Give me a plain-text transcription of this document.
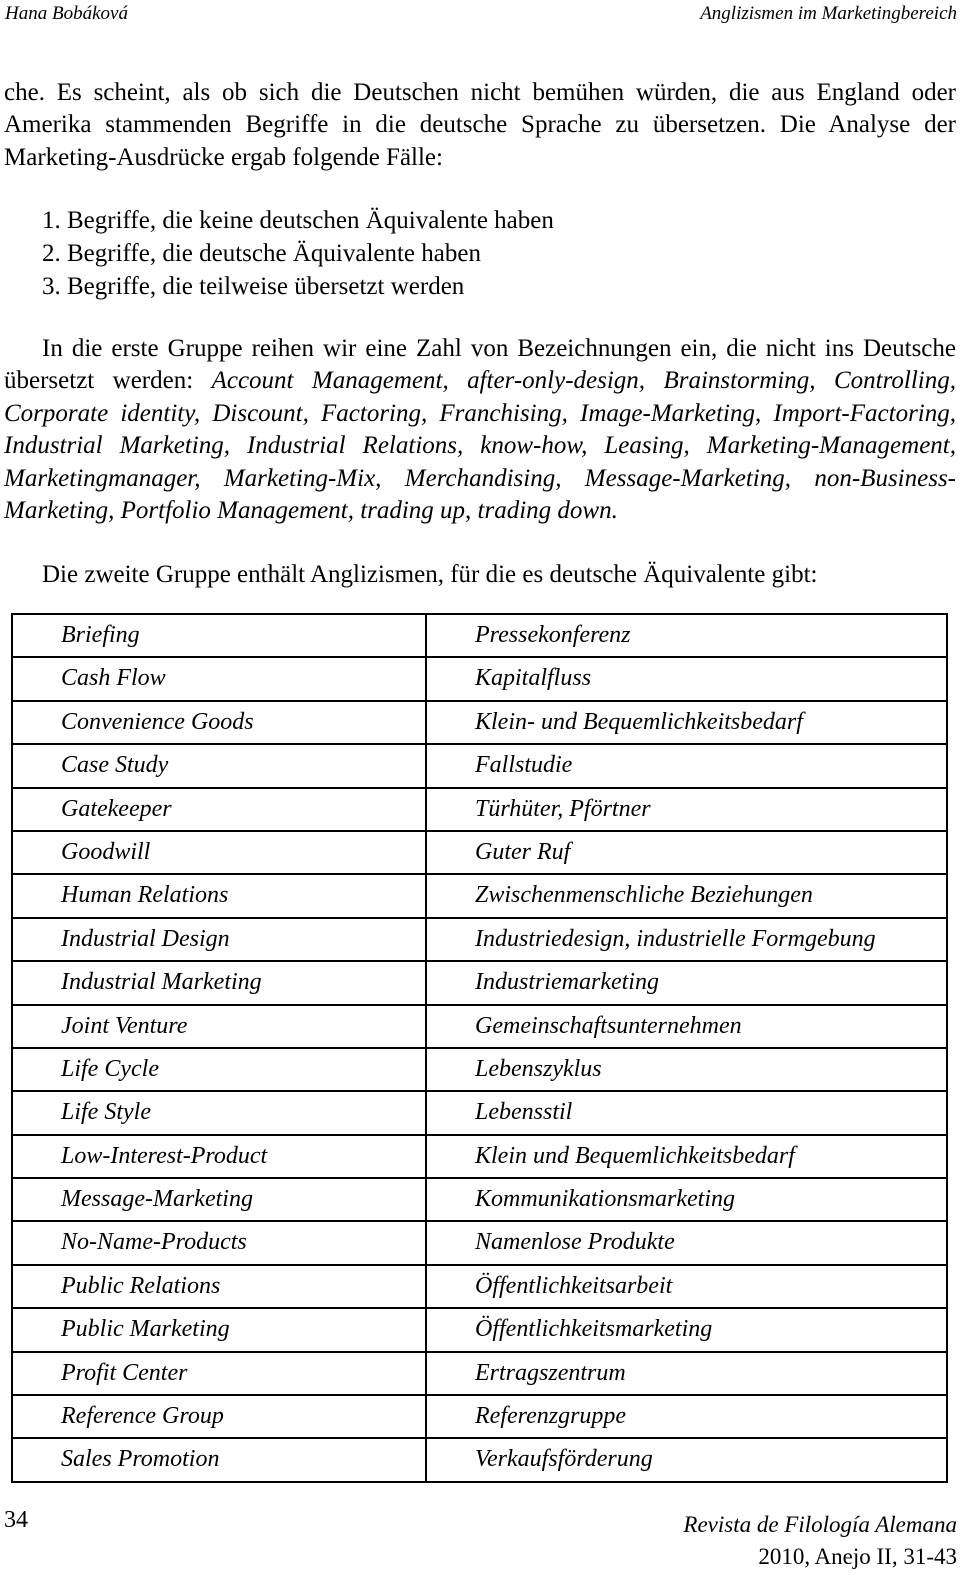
Hana Bobáková	Anglizismen im Marketingbereich

che. Es scheint, als ob sich die Deutschen nicht bemühen würden, die aus England oder Amerika stammenden Begriffe in die deutsche Sprache zu übersetzen. Die Analyse der Marketing-Ausdrücke ergab folgende Fälle:

1. Begriffe, die keine deutschen Äquivalente haben
2. Begriffe, die deutsche Äquivalente haben
3. Begriffe, die teilweise übersetzt werden

In die erste Gruppe reihen wir eine Zahl von Bezeichnungen ein, die nicht ins Deutsche übersetzt werden: Account Management, after-only-design, Brainstorming, Controlling, Corporate identity, Discount, Factoring, Franchising, Image-Marketing, Import-Factoring, Industrial Marketing, Industrial Relations, know-how, Leasing, Marketing-Management, Marketingmanager, Marketing-Mix, Merchandising, Message-Marketing, non-Business-Marketing, Portfolio Management, trading up, trading down.

Die zweite Gruppe enthält Anglizismen, für die es deutsche Äquivalente gibt:

Briefing	Pressekonferenz
Cash Flow	Kapitalfluss
Convenience Goods	Klein- und Bequemlichkeitsbedarf
Case Study	Fallstudie
Gatekeeper	Türhüter, Pförtner
Goodwill	Guter Ruf
Human Relations	Zwischenmenschliche Beziehungen
Industrial Design	Industriedesign, industrielle Formgebung
Industrial Marketing	Industriemarketing
Joint Venture	Gemeinschaftsunternehmen
Life Cycle	Lebenszyklus
Life Style	Lebensstil
Low-Interest-Product	Klein und Bequemlichkeitsbedarf
Message-Marketing	Kommunikationsmarketing
No-Name-Products	Namenlose Produkte
Public Relations	Öffentlichkeitsarbeit
Public Marketing	Öffentlichkeitsmarketing
Profit Center	Ertragszentrum
Reference Group	Referenzgruppe
Sales Promotion	Verkaufsförderung
34	Revista de Filología Alemana
2010, Anejo II, 31-43
